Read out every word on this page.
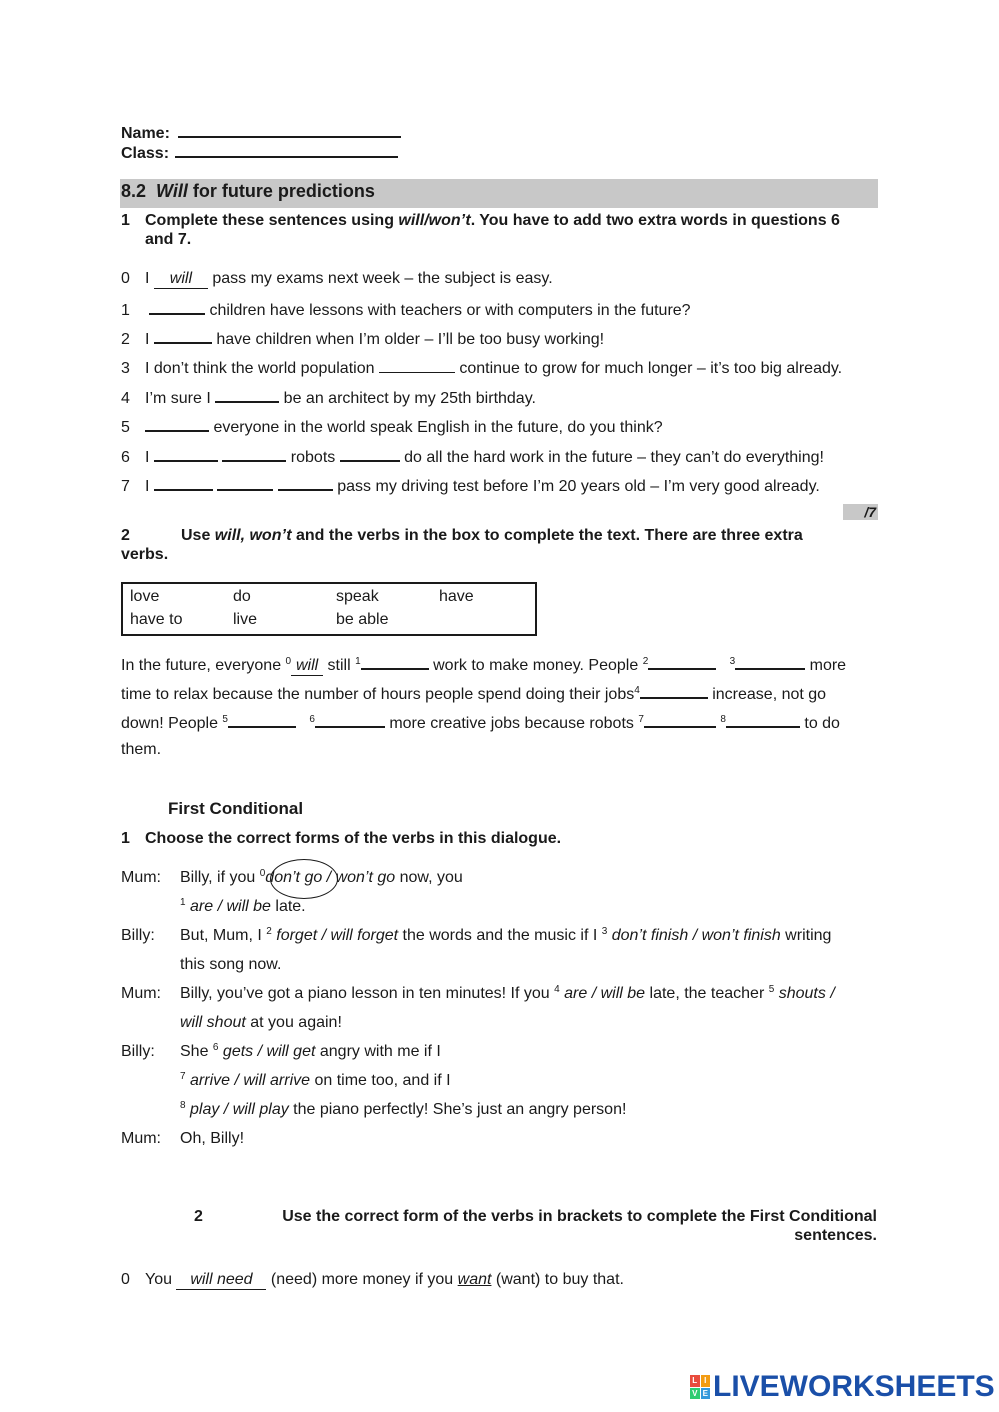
Name:
Class:
8.2 Will for future predictions
1 Complete these sentences using will/won’t. You have to add two extra words in questions 6
and 7.
0 I will pass my exams next week – the subject is easy.
1	children have lessons with teachers or with computers in the future?
2 I	have children when I’m older – I’ll be too busy working!
3 I don’t think the world population	continue to grow for much longer – it’s too big already.
4 I’m sure I	be an architect by my 25th birthday.
5	everyone in the world speak English in the future, do you think?
6 I	robots	do all the hard work in the future – they can’t do everything!
7 I	pass my driving test before I’m 20 years old – I’m very good already.
/7
2	Use will, won’t and the verbs in the box to complete the text. There are three extra
verbs.
love	do	speak	have
have to	live	be able
In the future, everyone $^0$ will still $^1$	work to make money. People $^2$	$^3$	more
time to relax because the number of hours people spend doing their jobs$^4$	increase, not go
down! People $^5$	$^6$	more creative jobs because robots $^7$	$^8$	to do
them.
First Conditional
1 Choose the correct forms of the verbs in this dialogue.
Mum: Billy, if you $^0$don’t go / won’t go now, you
$^1$ are / will be late.
Billy: But, Mum, I $^2$ forget / will forget the words and the music if I $^3$ don’t finish / won’t finish writing
this song now.
Mum: Billy, you’ve got a piano lesson in ten minutes! If you $^4$ are / will be late, the teacher $^5$ shouts /
will shout at you again!
Billy: She $^6$ gets / will get angry with me if I
$^7$ arrive / will arrive on time too, and if I
$^8$ play / will play the piano perfectly! She’s just an angry person!
Mum: Oh, Billy!
2	Use the correct form of the verbs in brackets to complete the First Conditional
sentences.
0 You will need (need) more money if you want (want) to buy that.
L I
V E LIVEWORKSHEETS
